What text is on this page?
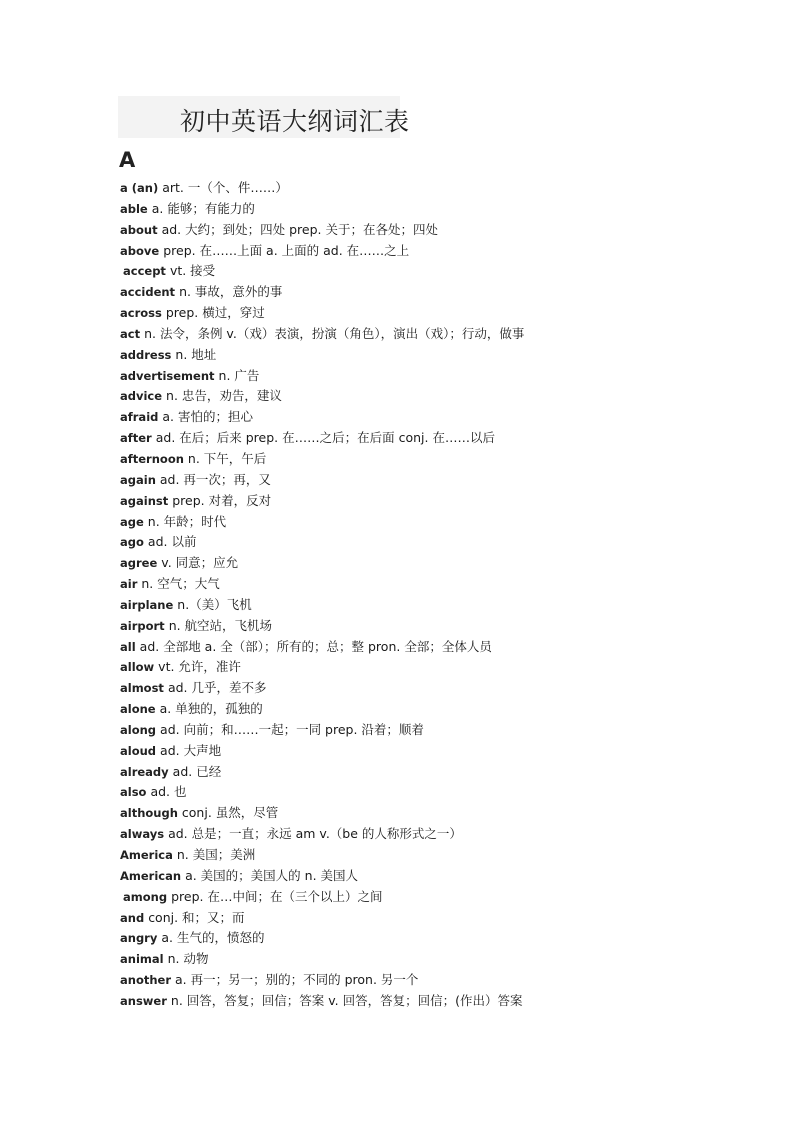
初中英语大纲词汇表
A
a (an) art. 一（个、件……）
able a. 能够；有能力的
about ad. 大约；到处；四处 prep. 关于；在各处；四处
above prep. 在……上面 a. 上面的 ad. 在……之上
accept vt. 接受
accident n. 事故，意外的事
across prep. 横过，穿过
act n. 法令，条例 v.（戏）表演，扮演（角色），演出（戏）；行动，做事
address n. 地址
advertisement n. 广告
advice n. 忠告，劝告，建议
afraid a. 害怕的；担心
after ad. 在后；后来 prep. 在……之后；在后面 conj. 在……以后
afternoon n. 下午，午后
again ad. 再一次；再，又
against prep. 对着，反对
age n. 年龄；时代
ago ad. 以前
agree v. 同意；应允
air n. 空气；大气
airplane n.（美）飞机
airport n. 航空站，飞机场
all ad. 全部地 a. 全（部）；所有的；总；整 pron. 全部；全体人员
allow vt. 允许，准许
almost ad. 几乎，差不多
alone a. 单独的，孤独的
along ad. 向前；和……一起；一同 prep. 沿着；顺着
aloud ad. 大声地
already ad. 已经
also ad. 也
although conj. 虽然，尽管
always ad. 总是；一直；永远 am v.（be 的人称形式之一）
America n. 美国；美洲
American a. 美国的；美国人的 n. 美国人
among prep. 在…中间；在（三个以上）之间
and conj. 和；又；而
angry a. 生气的，愤怒的
animal n. 动物
another a. 再一；另一；别的；不同的 pron. 另一个
answer n. 回答，答复；回信；答案 v. 回答，答复；回信；(作出）答案
